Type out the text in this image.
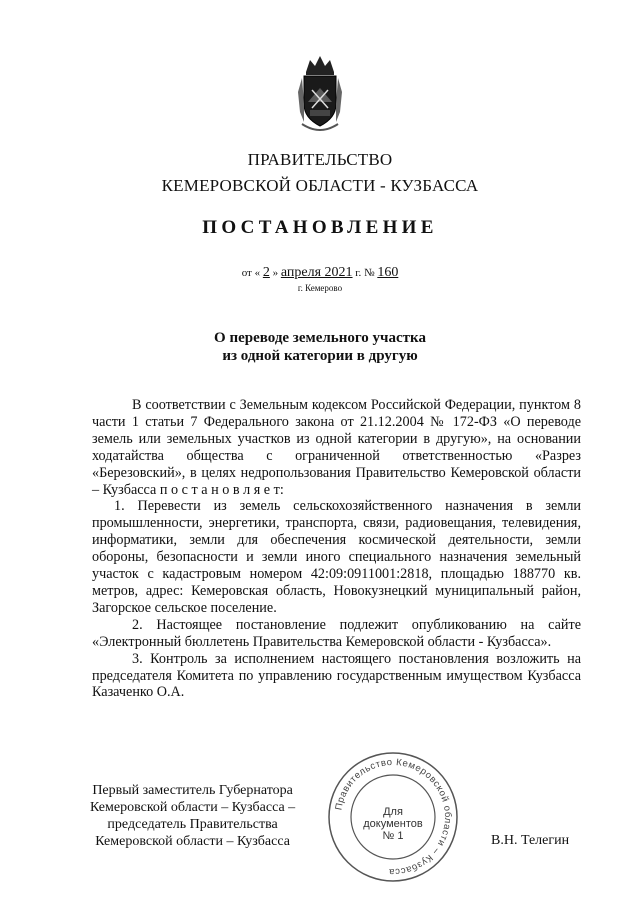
ПРАВИТЕЛЬСТВО
КЕМЕРОВСКОЙ ОБЛАСТИ - КУЗБАССА
ПОСТАНОВЛЕНИЕ
от « 2 » апреля 2021 г. № 160
г. Кемерово
О переводе земельного участка
из одной категории в другую

В соответствии с Земельным кодексом Российской Федерации, пунктом 8 части 1 статьи 7 Федерального закона от 21.12.2004 № 172-ФЗ «О переводе земель или земельных участков из одной категории в другую», на основании ходатайства общества с ограниченной ответственностью «Разрез «Березовский», в целях недропользования Правительство Кемеровской области – Кузбасса п о с т а н о в л я е т:

1. Перевести из земель сельскохозяйственного назначения в земли промышленности, энергетики, транспорта, связи, радиовещания, телевидения, информатики, земли для обеспечения космической деятельности, земли обороны, безопасности и земли иного специального назначения земельный участок с кадастровым номером 42:09:0911001:2818, площадью 188770 кв. метров, адрес: Кемеровская область, Новокузнецкий муниципальный район, Загорское сельское поселение.

2. Настоящее постановление подлежит опубликованию на сайте «Электронный бюллетень Правительства Кемеровской области - Кузбасса».

3. Контроль за исполнением настоящего постановления возложить на председателя Комитета по управлению государственным имуществом Кузбасса Казаченко О.А.

Первый заместитель Губернатора
Кемеровской области – Кузбасса –
председатель Правительства
Кемеровской области – Кузбасса
Правительство Кемеровской области – Кузбасса
Для
документов
№ 1	В.Н. Телегин
